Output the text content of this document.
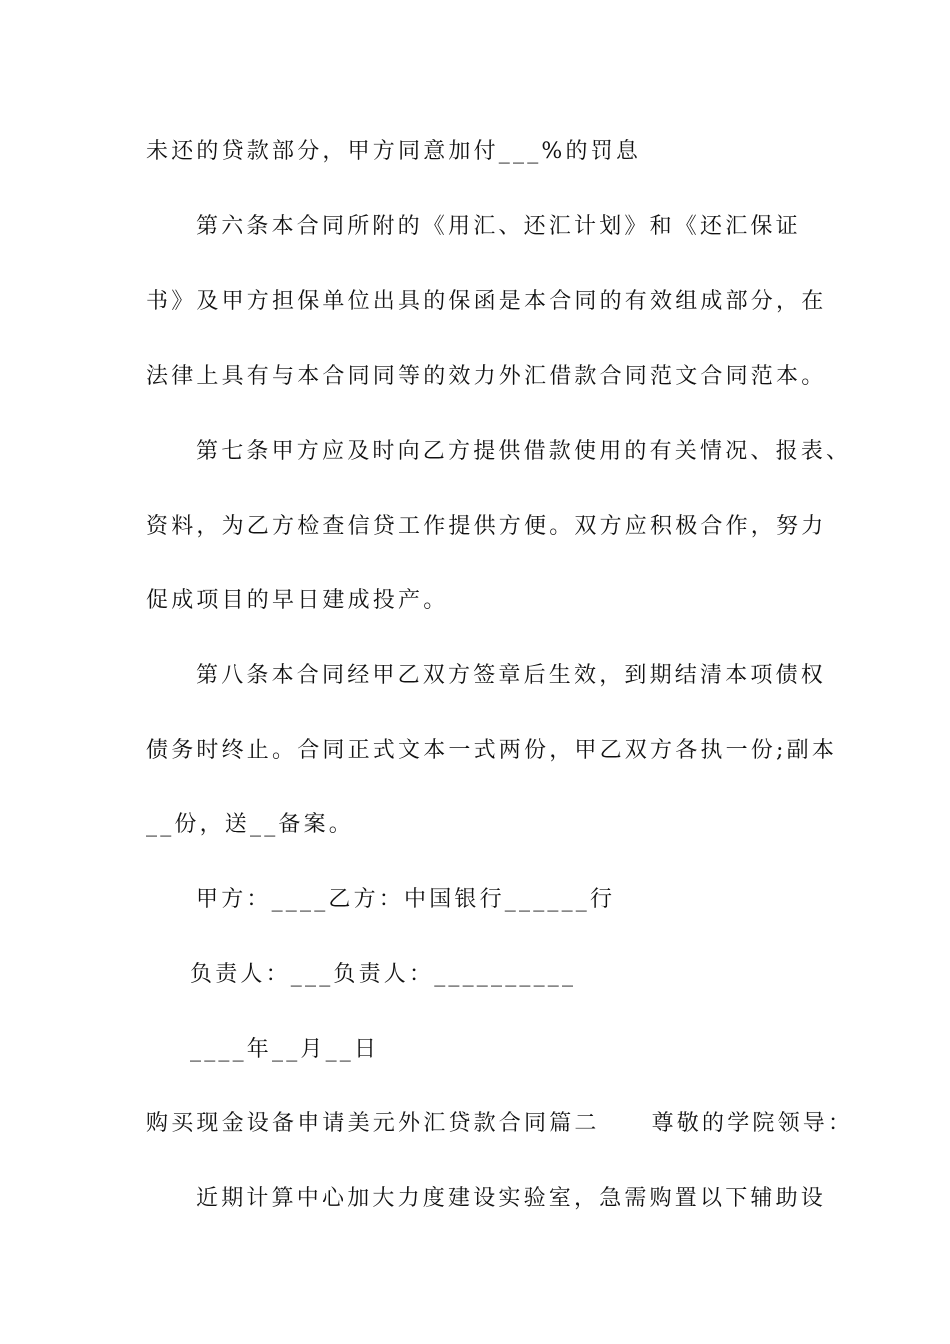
未还的贷款部分，甲方同意加付___%的罚息
第六条本合同所附的《用汇、还汇计划》和《还汇保证
书》及甲方担保单位出具的保函是本合同的有效组成部分，在
法律上具有与本合同同等的效力外汇借款合同范文合同范本。
第七条甲方应及时向乙方提供借款使用的有关情况、报表、
资料，为乙方检查信贷工作提供方便。双方应积极合作，努力
促成项目的早日建成投产。
第八条本合同经甲乙双方签章后生效，到期结清本项债权
债务时终止。合同正式文本一式两份，甲乙双方各执一份;副本
__份，送__备案。
甲方：____乙方：中国银行______行
负责人：___负责人：__________
____年__月__日
购买现金设备申请美元外汇贷款合同篇二 尊敬的学院领导：
近期计算中心加大力度建设实验室，急需购置以下辅助设
